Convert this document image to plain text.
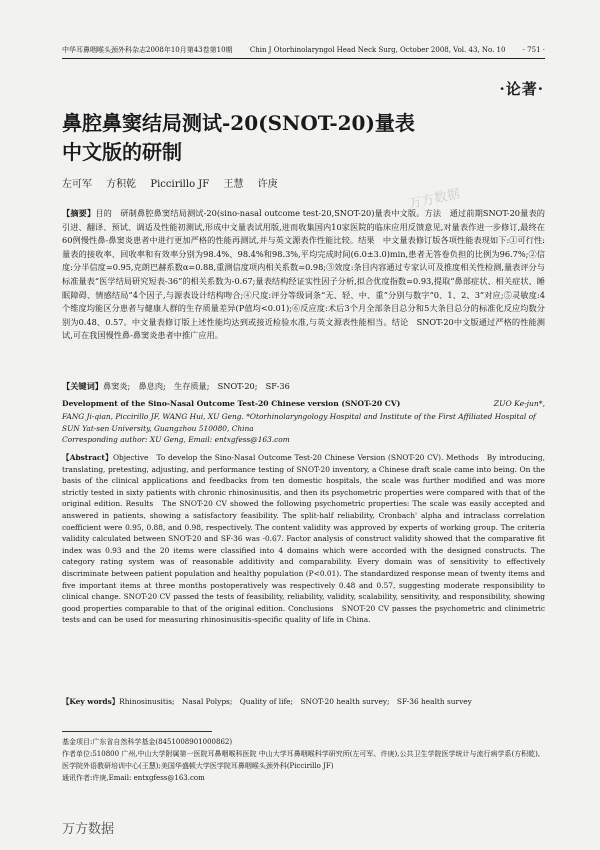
中华耳鼻咽喉头颈外科杂志2008年10月第43卷第10期 Chin J Otorhinolaryngol Head Neck Surg, October 2008, Vol. 43, No. 10 · 751 ·
·论著·
鼻腔鼻窦结局测试-20(SNOT-20)量表
中文版的研制
左可军 方积乾 Piccirillo JF 王慧 许庚
万方数据
【摘要】目的　研制鼻腔鼻窦结局测试-20(sino-nasal outcome test-20,SNOT-20)量表中文版。方法　通过前期SNOT-20量表的引进、翻译、预试、调适及性能初测试,形成中文量表试用版,进而收集国内10家医院的临床应用反馈意见,对量表作进一步修订,最终在60例慢性鼻-鼻窦炎患者中进行更加严格的性能再测试,并与英文源表作性能比较。结果　中文量表修订版各项性能表现如下:①可行性:量表的接收率、回收率和有效率分别为98.4%、98.4%和98.3%,平均完成时间(6.0±3.0)min,患者无答卷负担的比例为96.7%;②信度:分半信度=0.95,克朗巴赫系数α=0.88,重测信度项内相关系数=0.98;③效度:条目内容通过专家认可及推度相关性检测,量表评分与标准量表“医学结局研究短表-36”的相关系数为-0.67;量表结构经证实性因子分析,拟合优度指数=0.93,提取“鼻部症状、相关症状、睡眠障碍、情感结局”4个因子,与源表设计结构吻合;④尺度:评分等级词条“无、轻、中、重”分别与数字“0、1、2、3”对应;⑤灵敏度:4个维度均能区分患者与健康人群的生存质量差异(P值均<0.01);⑥反应度:术后3个月全部条目总分和5大条目总分的标准化反应均数分别为0.48、0.57。中文量表修订版上述性能均达到或接近检验水准,与英文源表性能相当。结论　SNOT-20中文版通过严格的性能测试,可在我国慢性鼻-鼻窦炎患者中推广应用。
【关键词】鼻窦炎;　鼻息肉;　生存质量;　SNOT-20;　SF-36
ZUO Ke-jun*,
Development of the Sino-Nasal Outcome Test-20 Chinese version (SNOT-20 CV)

FANG Ji-qian, Piccirillo JF, WANG Hui, XU Geng. *Otorhinolaryngology Hospital and Institute of the First Affiliated Hospital of SUN Yat-sen University, Guangzhou 510080, China

Corresponding author: XU Geng, Email: entxgfess@163.com

【Abstract】Objective　To develop the Sino-Nasal Outcome Test-20 Chinese Version (SNOT-20 CV). Methods　By introducing, translating, pretesting, adjusting, and performance testing of SNOT-20 inventory, a Chinese draft scale came into being. On the basis of the clinical applications and feedbacks from ten domestic hospitals, the scale was further modified and was more strictly tested in sixty patients with chronic rhinosinusitis, and then its psychometric properties were compared with that of the original edition. Results　The SNOT-20 CV showed the following psychometric properties: The scale was easily accepted and answered in patients, showing a satisfactory feasibility. The split-half reliability, Cronbach' alpha and intraclass correlation coefficient were 0.95, 0.88, and 0.98, respectively. The content validity was approved by experts of working group. The criteria validity calculated between SNOT-20 and SF-36 was -0.67. Factor analysis of construct validity showed that the comparative fit index was 0.93 and the 20 items were classified into 4 domains which were accorded with the designed constructs. The category rating system was of reasonable additivity and comparability. Every domain was of sensitivity to effectively discriminate between patient population and healthy population (P<0.01). The standardized response mean of twenty items and five important items at three months postoperatively was respectively 0.48 and 0.57, suggesting moderate responsibility to clinical change. SNOT-20 CV passed the tests of feasibility, reliability, validity, scalability, sensitivity, and responsibility, showing good properties comparable to that of the original edition. Conclusions　SNOT-20 CV passes the psychometric and clinimetric tests and can be used for measuring rhinosinusitis-specific quality of life in China.
【Key words】Rhinosinusitis;　Nasal Polyps;　Quality of life;　SNOT-20 health survey;　SF-36 health survey

基金项目:广东省自然科学基金(8451008901000862)

作者单位:510800 广州,中山大学附属第一医院耳鼻咽喉科医院 中山大学耳鼻咽喉科学研究所(左可军、许庚),公共卫生学院医学统计与流行病学系(方积乾),医学院外语教研培训中心(王慧);美国华盛顿大学医学院耳鼻咽喉头颈外科(Piccirillo JF)

通讯作者:许庚,Email: entxgfess@163.com

万方数据
